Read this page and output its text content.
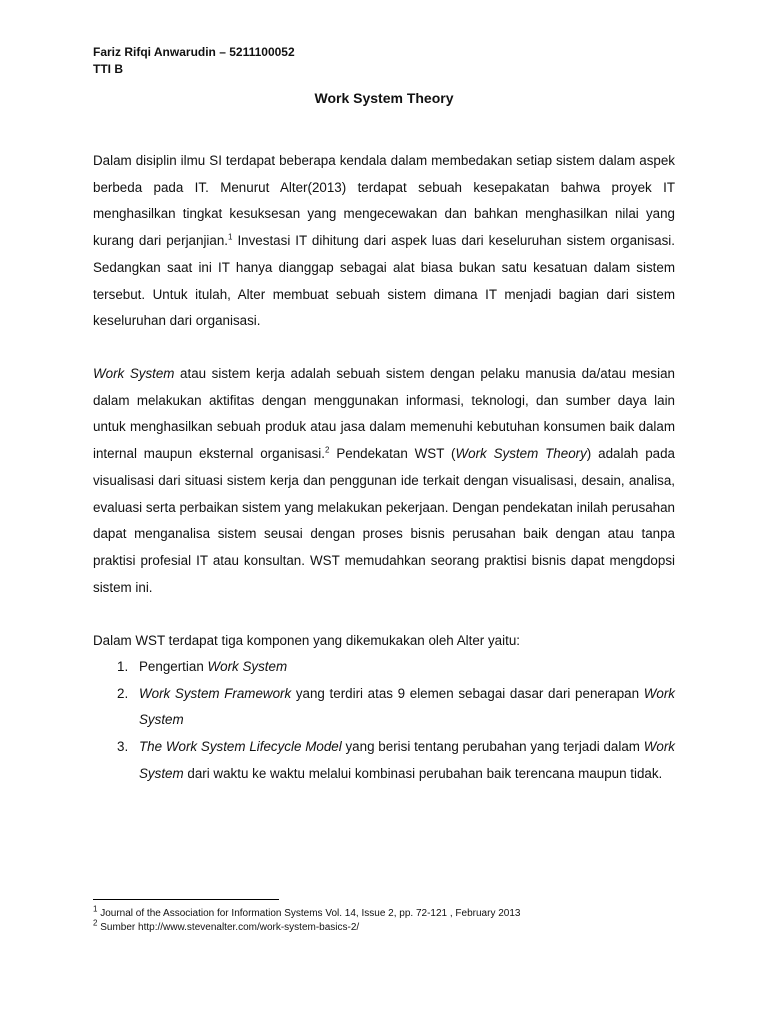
Fariz Rifqi Anwarudin – 5211100052
TTI B
Work System Theory
Dalam disiplin ilmu SI terdapat beberapa kendala dalam membedakan setiap sistem dalam aspek berbeda pada IT. Menurut Alter(2013) terdapat sebuah kesepakatan bahwa proyek IT menghasilkan tingkat kesuksesan yang mengecewakan dan bahkan menghasilkan nilai yang kurang dari perjanjian.$^1$ Investasi IT dihitung dari aspek luas dari keseluruhan sistem organisasi. Sedangkan saat ini IT hanya dianggap sebagai alat biasa bukan satu kesatuan dalam sistem tersebut. Untuk itulah, Alter membuat sebuah sistem dimana IT menjadi bagian dari sistem keseluruhan dari organisasi.
Work System atau sistem kerja adalah sebuah sistem dengan pelaku manusia da/atau mesian dalam melakukan aktifitas dengan menggunakan informasi, teknologi, dan sumber daya lain untuk menghasilkan sebuah produk atau jasa dalam memenuhi kebutuhan konsumen baik dalam internal maupun eksternal organisasi.$^2$ Pendekatan WST (Work System Theory) adalah pada visualisasi dari situasi sistem kerja dan penggunan ide terkait dengan visualisasi, desain, analisa, evaluasi serta perbaikan sistem yang melakukan pekerjaan. Dengan pendekatan inilah perusahan dapat menganalisa sistem seusai dengan proses bisnis perusahan baik dengan atau tanpa praktisi profesial IT atau konsultan. WST memudahkan seorang praktisi bisnis dapat mengdopsi sistem ini.
Dalam WST terdapat tiga komponen yang dikemukakan oleh Alter yaitu:
1. Pengertian Work System
2. Work System Framework yang terdiri atas 9 elemen sebagai dasar dari penerapan Work System
3. The Work System Lifecycle Model yang berisi tentang perubahan yang terjadi dalam Work System dari waktu ke waktu melalui kombinasi perubahan baik terencana maupun tidak.
$^1$ Journal of the Association for Information Systems Vol. 14, Issue 2, pp. 72-121 , February 2013
$^2$ Sumber http://www.stevenalter.com/work-system-basics-2/
